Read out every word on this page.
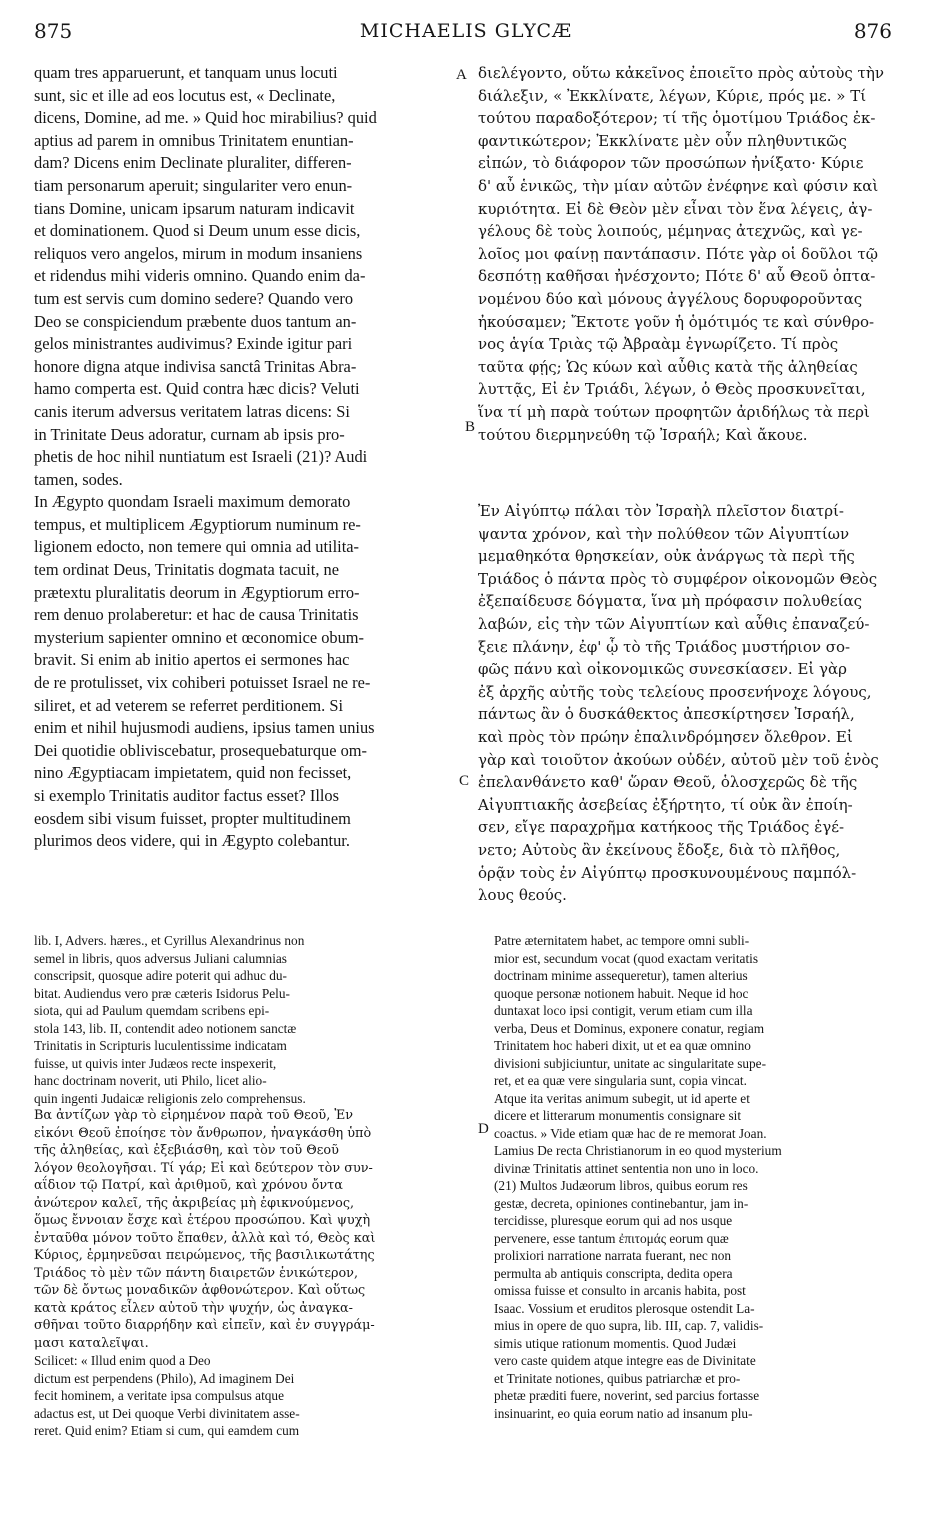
875	MICHAELIS GLYCÆ	876

quam tres apparuerunt, et tanquam unus locuti

sunt, sic et ille ad eos locutus est, « Declinate,

dicens, Domine, ad me. » Quid hoc mirabilius? quid

aptius ad parem in omnibus Trinitatem enuntian-

dam? Dicens enim Declinate pluraliter, differen-

tiam personarum aperuit; singulariter vero enun-

tians Domine, unicam ipsarum naturam indicavit

et dominationem. Quod si Deum unum esse dicis,

reliquos vero angelos, mirum in modum insaniens

et ridendus mihi videris omnino. Quando enim da-

tum est servis cum domino sedere? Quando vero

Deo se conspiciendum præbente duos tantum an-

gelos ministrantes audivimus? Exinde igitur pari

honore digna atque indivisa sanctâ Trinitas Abra-

hamo comperta est. Quid contra hæc dicis? Veluti

canis iterum adversus veritatem latras dicens: Si

in Trinitate Deus adoratur, curnam ab ipsis pro-

phetis de hoc nihil nuntiatum est Israeli (21)? Audi

tamen, sodes.

In Ægypto quondam Israeli maximum demorato

tempus, et multiplicem Ægyptiorum numinum re-

ligionem edocto, non temere qui omnia ad utilita-

tem ordinat Deus, Trinitatis dogmata tacuit, ne

prætextu pluralitatis deorum in Ægyptiorum erro-

rem denuo prolaberetur: et hac de causa Trinitatis

mysterium sapienter omnino et œconomice obum-

bravit. Si enim ab initio apertos ei sermones hac

de re protulisset, vix cohiberi potuisset Israel ne re-

siliret, et ad veterem se referret perditionem. Si

enim et nihil hujusmodi audiens, ipsius tamen unius

Dei quotidie obliviscebatur, prosequebaturque om-

nino Ægyptiacam impietatem, quid non fecisset,

si exemplo Trinitatis auditor factus esset? Illos

eosdem sibi visum fuisset, propter multitudinem

plurimos deos videre, qui in Ægypto colebantur.

διελέγοντο, οὕτω κἀκεῖνος ἐποιεῖτο πρὸς αὐτοὺς τὴν

διάλεξιν, « Ἐκκλίνατε, λέγων, Κύριε, πρός με. » Τί

τούτου παραδοξότερον; τί τῆς ὁμοτίμου Τριάδος ἐκ-

φαντικώτερον; Ἐκκλίνατε μὲν οὖν πληθυντικῶς

εἰπών, τὸ διάφορον τῶν προσώπων ἠνίξατο· Κύριε

δ' αὖ ἑνικῶς, τὴν μίαν αὐτῶν ἐνέφηνε καὶ φύσιν καὶ

κυριότητα. Εἰ δὲ Θεὸν μὲν εἶναι τὸν ἕνα λέγεις, ἀγ-

γέλους δὲ τοὺς λοιπούς, μέμηνας ἀτεχνῶς, καὶ γε-

λοῖος μοι φαίνῃ παντάπασιν. Πότε γὰρ οἱ δοῦλοι τῷ

δεσπότῃ καθῆσαι ἠνέσχοντο; Πότε δ' αὖ Θεοῦ ὀπτα-

νομένου δύο καὶ μόνους ἀγγέλους δορυφοροῦντας

ἠκούσαμεν; Ἔκτοτε γοῦν ἡ ὁμότιμός τε καὶ σύνθρο-

νος ἁγία Τριὰς τῷ Ἀβραὰμ ἐγνωρίζετο. Τί πρὸς

ταῦτα φῄς; Ὡς κύων καὶ αὖθις κατὰ τῆς ἀληθείας

λυττᾷς, Εἰ ἐν Τριάδι, λέγων, ὁ Θεὸς προσκυνεῖται,

ἵνα τί μὴ παρὰ τούτων προφητῶν ἀριδήλως τὰ περὶ

τούτου διερμηνεύθη τῷ Ἰσραήλ; Καὶ ἄκουε.

Ἐν Αἰγύπτῳ πάλαι τὸν Ἰσραὴλ πλεῖστον διατρί-

ψαντα χρόνον, καὶ τὴν πολύθεον τῶν Αἰγυπτίων

μεμαθηκότα θρησκείαν, οὐκ ἀνάργως τὰ περὶ τῆς

Τριάδος ὁ πάντα πρὸς τὸ συμφέρον οἰκονομῶν Θεὸς

ἐξεπαίδευσε δόγματα, ἵνα μὴ πρόφασιν πολυθείας

λαβών, εἰς τὴν τῶν Αἰγυπτίων καὶ αὖθις ἐπαναζεύ-

ξειε πλάνην, ἐφ' ᾧ τὸ τῆς Τριάδος μυστήριον σο-

φῶς πάνυ καὶ οἰκονομικῶς συνεσκίασεν. Εἰ γὰρ

ἐξ ἀρχῆς αὐτῆς τοὺς τελείους προσενήνοχε λόγους,

πάντως ἂν ὁ δυσκάθεκτος ἀπεσκίρτησεν Ἰσραήλ,

καὶ πρὸς τὸν πρώην ἐπαλινδρόμησεν ὄλεθρον. Εἰ

γὰρ καὶ τοιοῦτον ἀκούων οὐδέν, αὐτοῦ μὲν τοῦ ἑνὸς

ἐπελανθάνετο καθ' ὥραν Θεοῦ, ὁλοσχερῶς δὲ τῆς

Αἰγυπτιακῆς ἀσεβείας ἐξήρτητο, τί οὐκ ἂν ἐποίη-

σεν, εἴγε παραχρῆμα κατήκοος τῆς Τριάδος ἐγέ-

νετο; Αὐτοὺς ἂν ἐκείνους ἔδοξε, διὰ τὸ πλῆθος,

ὁρᾷν τοὺς ἐν Αἰγύπτῳ προσκυνουμένους παμπόλ-

λους θεούς.

A
B
C
D

lib. I, Advers. hæres., et Cyrillus Alexandrinus non

semel in libris, quos adversus Juliani calumnias

conscripsit, quosque adire poterit qui adhuc du-

bitat. Audiendus vero præ cæteris Isidorus Pelu-

siota, qui ad Paulum quemdam scribens epi-

stola 143, lib. II, contendit adeo notionem sanctæ

Trinitatis in Scripturis luculentissime indicatam

fuisse, ut quivis inter Judæos recte inspexerit,

hanc doctrinam noverit, uti Philo, licet alio-

quin ingenti Judaicæ religionis zelo comprehensus.

Βα ἀντίζων γὰρ τὸ εἰρημένον παρὰ τοῦ Θεοῦ, Ἐν

εἰκόνι Θεοῦ ἐποίησε τὸν ἄνθρωπον, ἠναγκάσθη ὑπὸ

τῆς ἀληθείας, καὶ ἐξεβιάσθη, καὶ τὸν τοῦ Θεοῦ

λόγον θεολογῆσαι. Τί γάρ; Εἰ καὶ δεύτερον τὸν συν-

αΐδιον τῷ Πατρί, καὶ ἀριθμοῦ, καὶ χρόνου ὄντα

ἀνώτερον καλεῖ, τῆς ἀκριβείας μὴ ἐφικνούμενος,

ὅμως ἔννοιαν ἔσχε καὶ ἑτέρου προσώπου. Καὶ ψυχὴ

ἐνταῦθα μόνον τοῦτο ἔπαθεν, ἀλλὰ καὶ τό, Θεὸς καὶ

Κύριος, ἑρμηνεῦσαι πειρώμενος, τῆς βασιλικωτάτης

Τριάδος τὸ μὲν τῶν πάντη διαιρετῶν ἑνικώτερον,

τῶν δὲ ὄντως μοναδικῶν ἀφθονώτερον. Καὶ οὕτως

κατὰ κράτος εἶλεν αὐτοῦ τὴν ψυχήν, ὡς ἀναγκα-

σθῆναι τοῦτο διαρρήδην καὶ εἰπεῖν, καὶ ἐν συγγράμ-

μασι καταλεῖψαι.

Scilicet: « Illud enim quod a Deo

dictum est perpendens (Philo), Ad imaginem Dei

fecit hominem, a veritate ipsa compulsus atque

adactus est, ut Dei quoque Verbi divinitatem asse-

reret. Quid enim? Etiam si cum, qui eamdem cum

Patre æternitatem habet, ac tempore omni subli-

mior est, secundum vocat (quod exactam veritatis

doctrinam minime assequeretur), tamen alterius

quoque personæ notionem habuit. Neque id hoc

duntaxat loco ipsi contigit, verum etiam cum illa

verba, Deus et Dominus, exponere conatur, regiam

Trinitatem hoc haberi dixit, ut et ea quæ omnino

divisioni subjiciuntur, unitate ac singularitate supe-

ret, et ea quæ vere singularia sunt, copia vincat.

Atque ita veritas animum subegit, ut id aperte et

dicere et litterarum monumentis consignare sit

coactus. » Vide etiam quæ hac de re memorat Joan.

Lamius De recta Christianorum in eo quod mysterium

divinæ Trinitatis attinet sententia non uno in loco.

(21) Multos Judæorum libros, quibus eorum res

gestæ, decreta, opiniones continebantur, jam in-

tercidisse, pluresque eorum qui ad nos usque

pervenere, esse tantum ἐπιτομάς eorum quæ

prolixiori narratione narrata fuerant, nec non

permulta ab antiquis conscripta, dedita opera

omissa fuisse et consulto in arcanis habita, post

Isaac. Vossium et eruditos plerosque ostendit La-

mius in opere de quo supra, lib. III, cap. 7, validis-

simis utique rationum momentis. Quod Judæi

vero caste quidem atque integre eas de Divinitate

et Trinitate notiones, quibus patriarchæ et pro-

phetæ præditi fuere, noverint, sed parcius fortasse

insinuarint, eo quia eorum natio ad insanum plu-
